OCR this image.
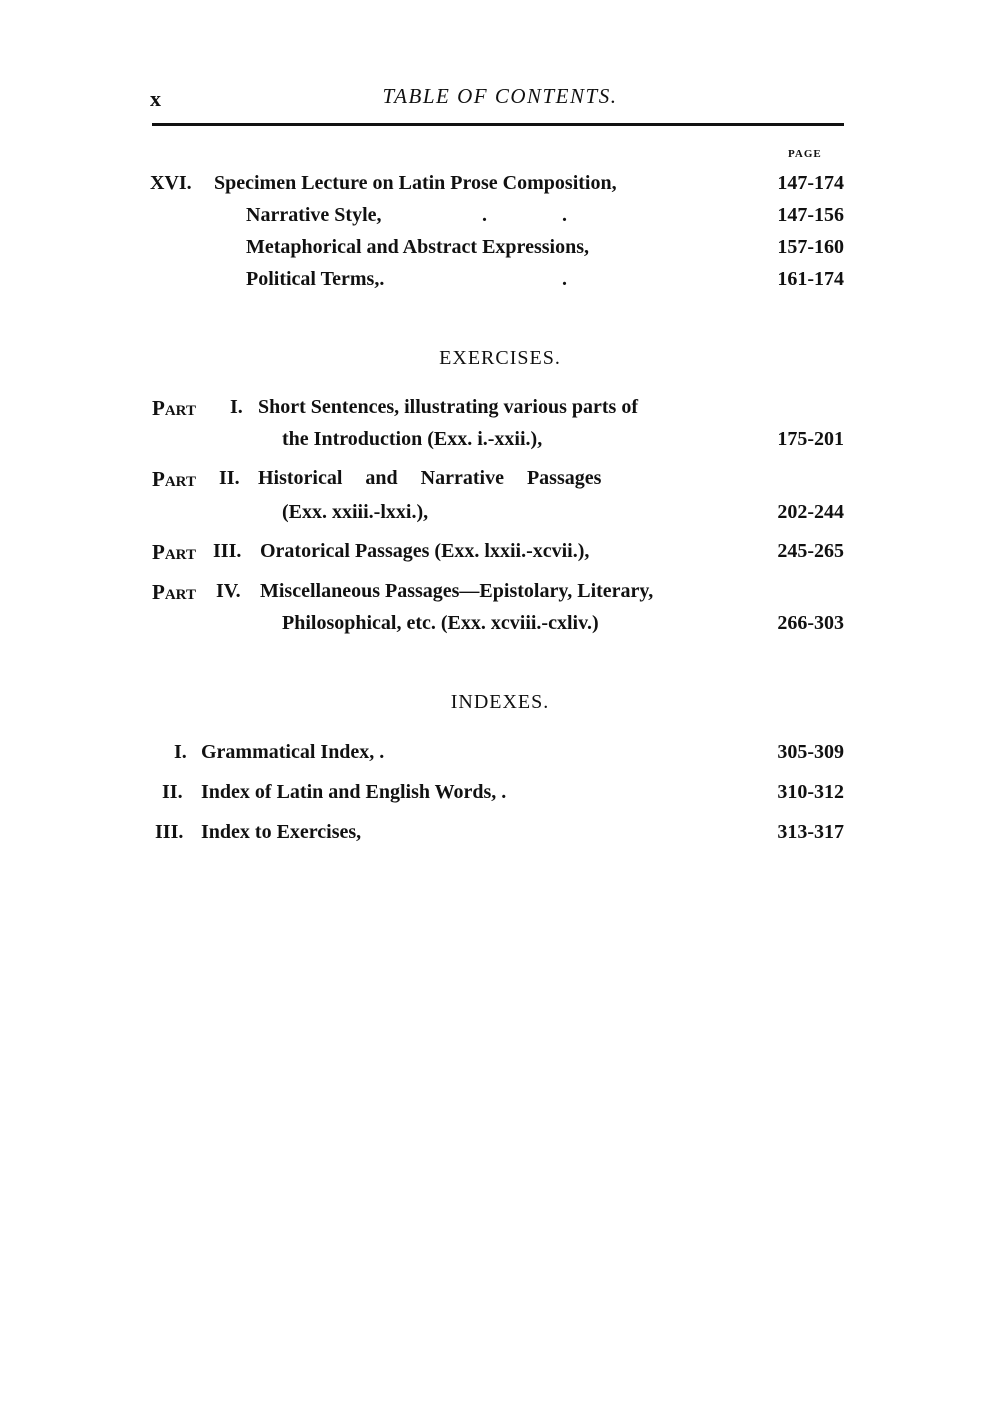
x	TABLE OF CONTENTS.
PAGE
XVI. Specimen Lecture on Latin Prose Composition,	147-174
Narrative Style,	.	.	147-156
Metaphorical and Abstract Expressions,	157-160
Political Terms,.	.	161-174
EXERCISES.
Part I. Short Sentences, illustrating various parts of
the Introduction (Exx. i.-xxii.),	175-201
Part II. Historical and Narrative Passages
(Exx. xxiii.-lxxi.),	202-244
Part III. Oratorical Passages (Exx. lxxii.-xcvii.),	245-265
Part IV. Miscellaneous Passages—Epistolary, Literary,
Philosophical, etc. (Exx. xcviii.-cxliv.)	266-303
INDEXES.
I. Grammatical Index, .	305-309
II. Index of Latin and English Words, .	310-312
III. Index to Exercises,	313-317
